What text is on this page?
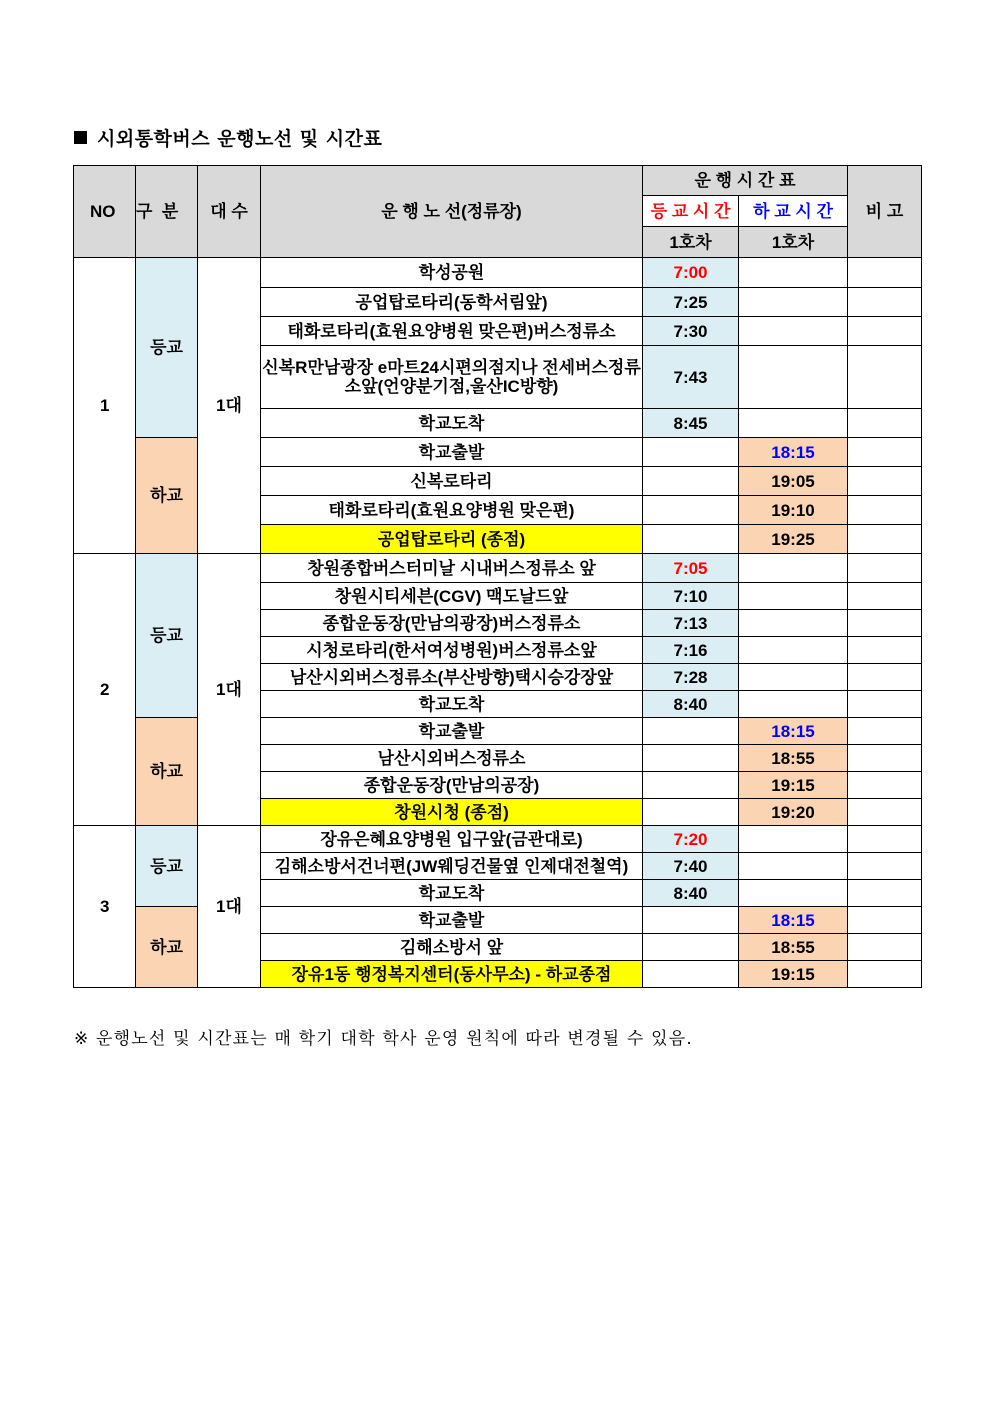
시외통학버스 운행노선 및 시간표
NO	구  분	대 수	운 행 노 선(정류장)	운 행 시 간 표		비 고
				등 교 시 간	하 교 시 간	
				1호차	1호차	
1	등교	1대	학성공원	7:00		
			공업탑로타리(동학서림앞)	7:25		
			태화로타리(효원요양병원 맞은편)버스정류소	7:30		
			신복R만남광장 e마트24시편의점지나 전세버스정류소앞(언양분기점,울산IC방향)	7:43		
			학교도착	8:45		
	하교		학교출발		18:15	
			신복로타리		19:05	
			태화로타리(효원요양병원 맞은편)		19:10	
			공업탑로타리 (종점)		19:25	
2	등교	1대	창원종합버스터미날 시내버스정류소 앞	7:05		
			창원시티세븐(CGV) 맥도날드앞	7:10		
			종합운동장(만남의광장)버스정류소	7:13		
			시청로타리(한서여성병원)버스정류소앞	7:16		
			남산시외버스정류소(부산방향)택시승강장앞	7:28		
			학교도착	8:40		
	하교		학교출발		18:15	
			남산시외버스정류소		18:55	
			종합운동장(만남의공장)		19:15	
			창원시청 (종점)		19:20	
3	등교	1대	장유은혜요양병원 입구앞(금관대로)	7:20		
			김해소방서건너편(JW웨딩건물옆 인제대전철역)	7:40		
			학교도착	8:40		
	하교		학교출발		18:15	
			김해소방서 앞		18:55	
			장유1동 행정복지센터(동사무소) - 하교종점		19:15	
※ 운행노선 및 시간표는 매 학기 대학 학사 운영 원칙에 따라 변경될 수 있음.
